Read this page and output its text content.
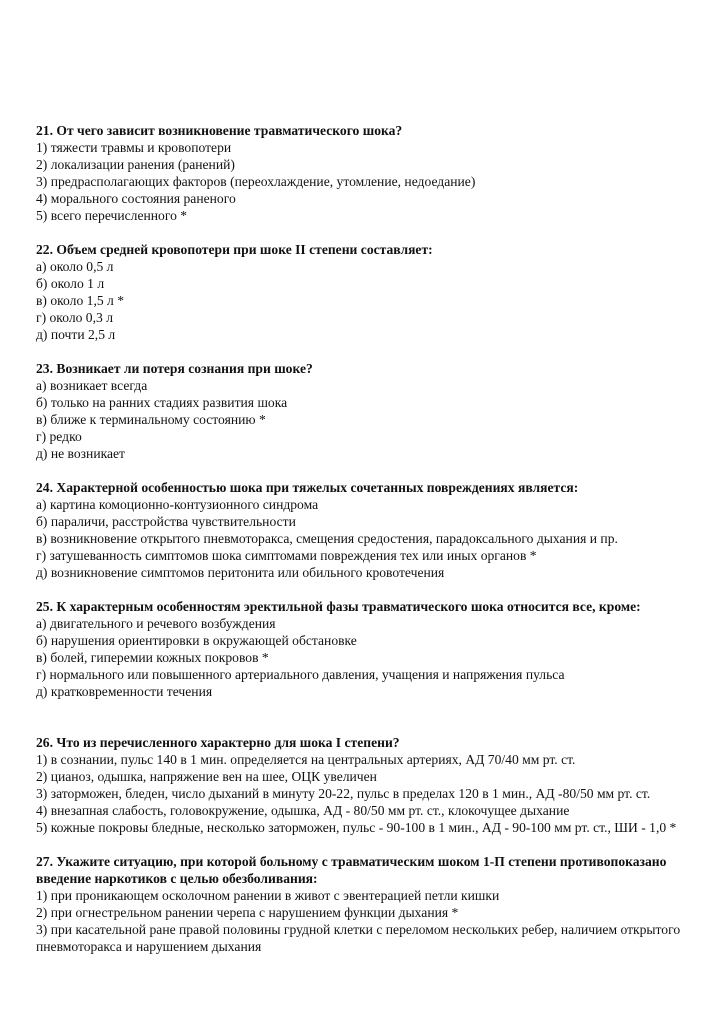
21. От чего зависит возникновение травматического шока?
1) тяжести травмы и кровопотери
2) локализации ранения (ранений)
3) предрасполагающих факторов (переохлаждение, утомление, недоедание)
4) морального состояния раненого
5) всего перечисленного *
22. Объем средней кровопотери при шоке II степени составляет:
а) около 0,5 л
б) около 1 л
в) около 1,5 л *
г) около 0,3 л
д) почти 2,5 л
23. Возникает ли потеря сознания при шоке?
а) возникает всегда
б) только на ранних стадиях развития шока
в) ближе к терминальному состоянию *
г) редко
д) не возникает
24. Характерной особенностью шока при тяжелых сочетанных повреждениях является:
а) картина комоционно-контузионного синдрома
б) параличи, расстройства чувствительности
в) возникновение открытого пневмоторакса, смещения средостения, парадоксального дыхания и пр.
г) затушеванность симптомов шока симптомами повреждения тех или иных органов *
д) возникновение симптомов перитонита или обильного кровотечения
25. К характерным особенностям эректильной фазы травматического шока относится все, кроме:
а) двигательного и речевого возбуждения
б) нарушения ориентировки в окружающей обстановке
в) болей, гиперемии кожных покровов *
г) нормального или повышенного артериального давления, учащения и напряжения пульса
д) кратковременности течения
26. Что из перечисленного характерно для шока I степени?
1) в сознании, пульс 140 в 1 мин. определяется на центральных артериях, АД 70/40 мм рт. ст.
2) цианоз, одышка, напряжение вен на шее, ОЦК увеличен
3) заторможен, бледен, число дыханий в минуту 20-22, пульс в пределах 120 в 1 мин., АД -80/50 мм рт. ст.
4) внезапная слабость, головокружение, одышка, АД - 80/50 мм рт. ст., клокочущее дыхание
5) кожные покровы бледные, несколько заторможен, пульс - 90-100 в 1 мин., АД - 90-100 мм рт. ст., ШИ - 1,0 *
27. Укажите ситуацию, при которой больному с травматическим шоком 1-П степени противопоказано введение наркотиков с целью обезболивания:
1) при проникающем осколочном ранении в живот с эвентерацией петли кишки
2) при огнестрельном ранении черепа с нарушением функции дыхания *
3) при касательной ране правой половины грудной клетки с переломом нескольких ребер, наличием открытого пневмоторакса и нарушением дыхания
